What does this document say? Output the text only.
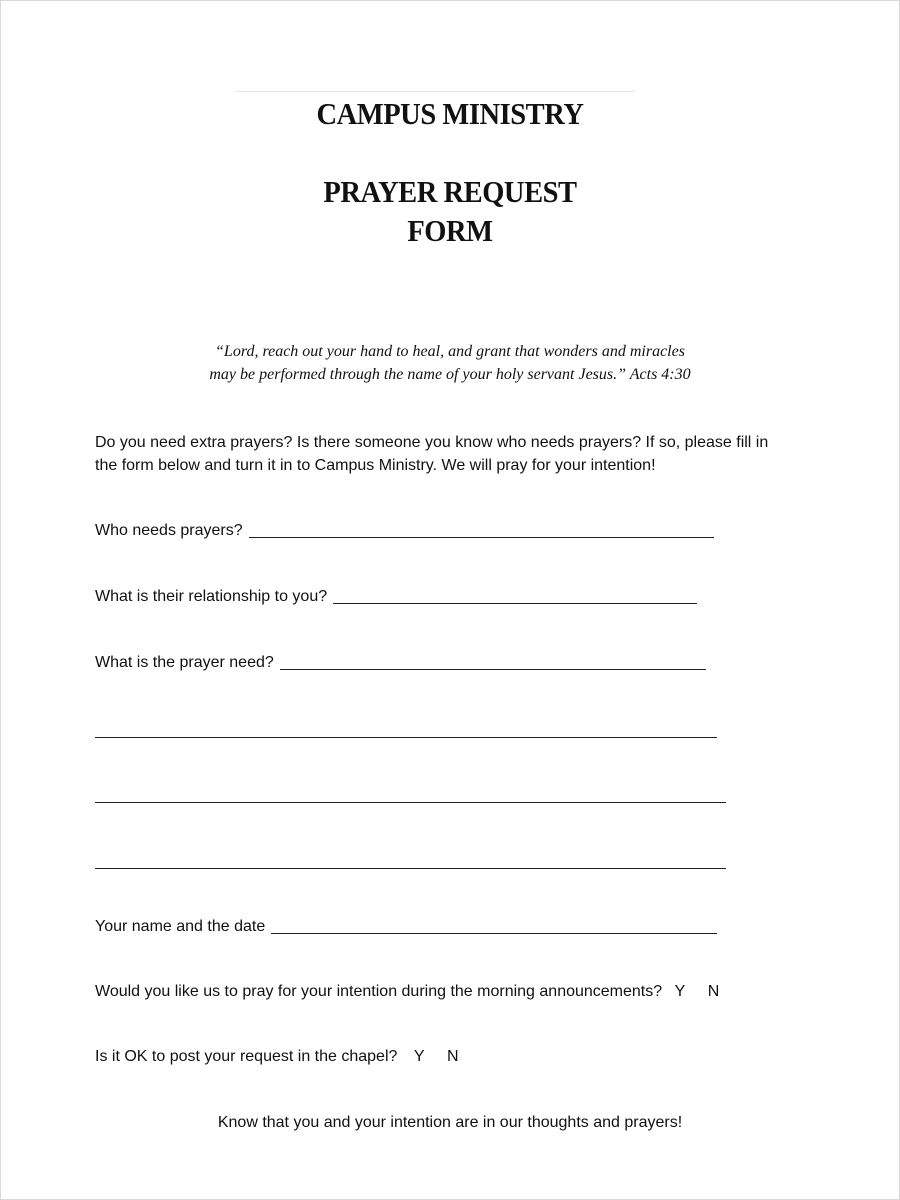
CAMPUS MINISTRY
PRAYER REQUEST
FORM
“Lord, reach out your hand to heal, and grant that wonders and miracles
may be performed through the name of your holy servant Jesus.” Acts 4:30
Do you need extra prayers? Is there someone you know who needs prayers? If so, please fill in
the form below and turn it in to Campus Ministry. We will pray for your intention!
Who needs prayers?
What is their relationship to you?
What is the prayer need?
Your name and the date
Would you like us to pray for your intention during the morning announcements? Y N
Is it OK to post your request in the chapel? Y N
Know that you and your intention are in our thoughts and prayers!
